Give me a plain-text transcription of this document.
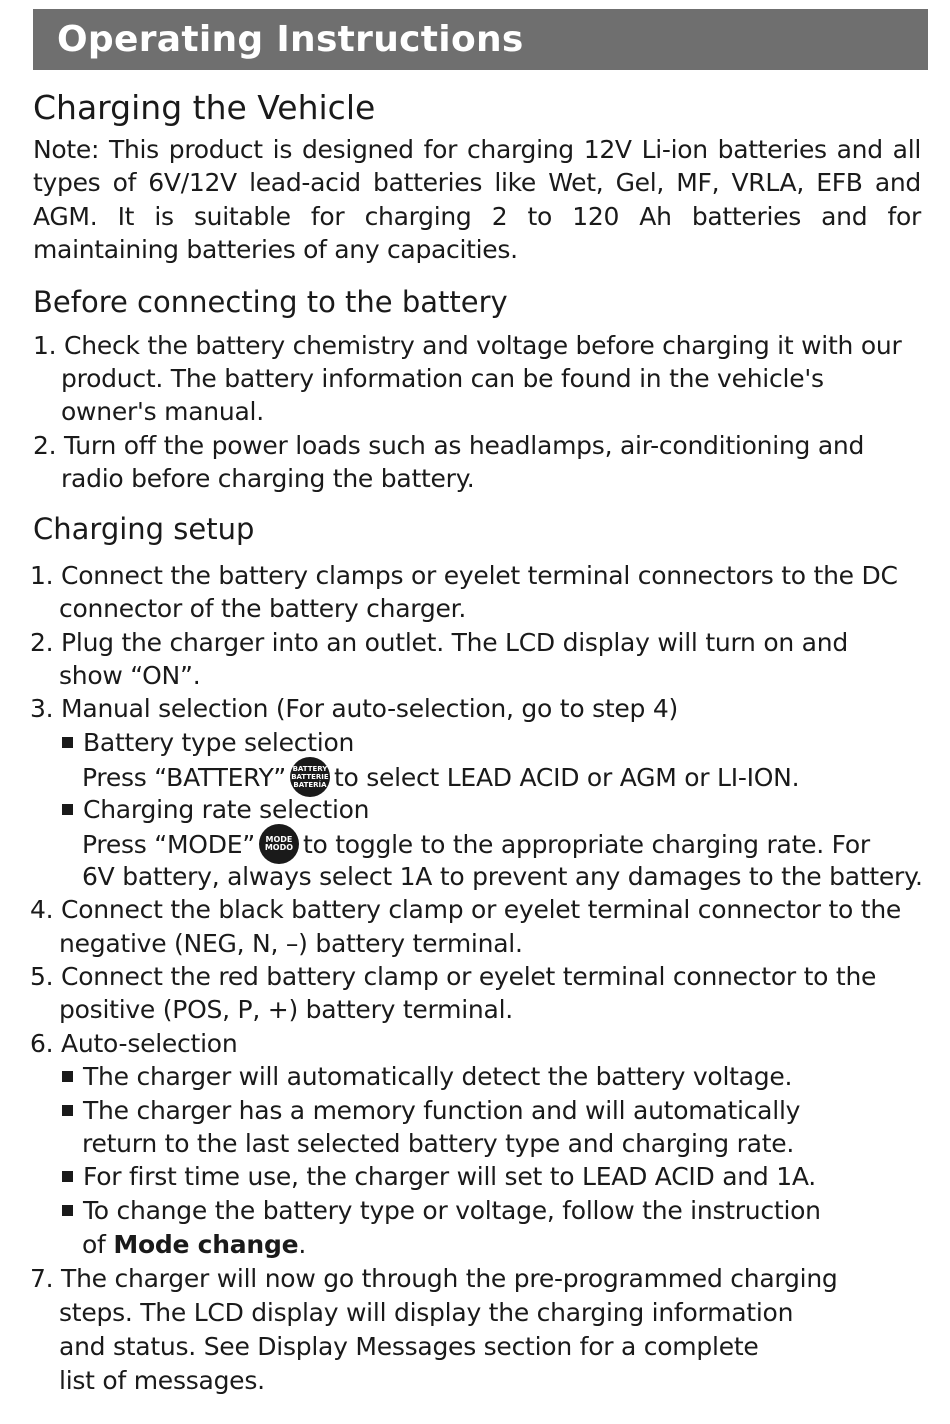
Operating Instructions
Charging the Vehicle
Note: This product is designed for charging 12V Li-ion batteries and all types of 6V/12V lead-acid batteries like Wet, Gel, MF, VRLA, EFB and AGM. It is suitable for charging 2 to 120 Ah batteries and for maintaining batteries of any capacities.
Before connecting to the battery
1. Check the battery chemistry and voltage before charging it with our
product. The battery information can be found in the vehicle's
owner's manual.
2. Turn off the power loads such as headlamps, air-conditioning and
radio before charging the battery.
Charging setup
1. Connect the battery clamps or eyelet terminal connectors to the DC
connector of the battery charger.
2. Plug the charger into an outlet. The LCD display will turn on and
show “ON”.
3. Manual selection (For auto-selection, go to step 4)
Battery type selection
Press “BATTERY” BATTERY
BATTERIE
BATERÍA to select LEAD ACID or AGM or LI-ION.
Charging rate selection
Press “MODE”	MODE
MODO to toggle to the appropriate charging rate. For
6V battery, always select 1A to prevent any damages to the battery.
4. Connect the black battery clamp or eyelet terminal connector to the
negative (NEG, N, –) battery terminal.
5. Connect the red battery clamp or eyelet terminal connector to the
positive (POS, P, +) battery terminal.
6. Auto-selection
The charger will automatically detect the battery voltage.
The charger has a memory function and will automatically
return to the last selected battery type and charging rate.
For first time use, the charger will set to LEAD ACID and 1A.
To change the battery type or voltage, follow the instruction
of Mode change.
7. The charger will now go through the pre-programmed charging
steps. The LCD display will display the charging information
and status. See Display Messages section for a complete
list of messages.
